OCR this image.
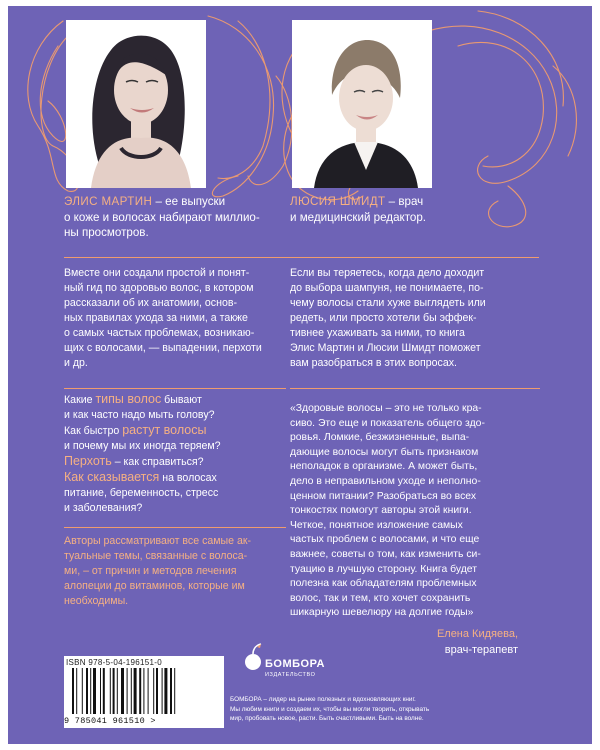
ЭЛИС МАРТИН – ее выпуски
о коже и волосах набирают миллио-
ны просмотров.

ЛЮСИЯ ШМИДТ – врач
и медицинский редактор.

Вместе они создали простой и понят-
ный гид по здоровью волос, в котором
рассказали об их анатомии, основ-
ных правилах ухода за ними, а также
о самых частых проблемах, возникаю-
щих с волосами, — выпадении, перхоти
и др.

Если вы теряетесь, когда дело доходит
до выбора шампуня, не понимаете, по-
чему волосы стали хуже выглядеть или
редеть, или просто хотели бы эффек-
тивнее ухаживать за ними, то книга
Элис Мартин и Люсии Шмидт поможет
вам разобраться в этих вопросах.

Какие типы волос бывают
и как часто надо мыть голову?
Как быстро растут волосы
и почему мы их иногда теряем?
Перхоть – как справиться?
Как сказывается на волосах
питание, беременность, стресс
и заболевания?

Авторы рассматривают все самые ак-
туальные темы, связанные с волоса-
ми, – от причин и методов лечения
алопеции до витаминов, которые им
необходимы.

«Здоровые волосы – это не только кра-
сиво. Это еще и показатель общего здо-
ровья. Ломкие, безжизненные, выпа-
дающие волосы могут быть признаком
неполадок в организме. А может быть,
дело в неправильном уходе и неполно-
ценном питании? Разобраться во всех
тонкостях помогут авторы этой книги.
Четкое, понятное изложение самых
частых проблем с волосами, и что еще
важнее, советы о том, как изменить си-
туацию в лучшую сторону. Книга будет
полезна как обладателям проблемных
волос, так и тем, кто хочет сохранить
шикарную шевелюру на долгие годы»

Елена Кидяева,

врач-терапевт

ISBN 978-5-04-196151-0

9 785041 961510 >

БОМБОРА

ИЗДАТЕЛЬСТВО

БОМБОРА – лидер на рынке полезных и вдохновляющих книг.
Мы любим книги и создаем их, чтобы вы могли творить, открывать
мир, пробовать новое, расти. Быть счастливыми. Быть на волне.
